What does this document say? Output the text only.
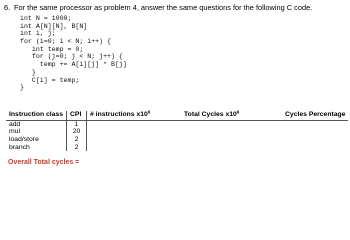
6. For the same processor as problem 4, answer the same questions for the following C code.
int N = 1000;
int A[N][N], B[N]
int i, j;
for (i=0; i < N; i++) {
int temp = 0;
for (j=0; j < N; j++) {
temp += A[i][j] * B[j]
}
C[i] = temp;
}
Instruction class	CPI	# instructions $x10^6$	Total Cycles $x10^6$	Cycles Percentage
add	1			
mul	20			
load/store	2			
branch	2			
Overall Total cycles =
